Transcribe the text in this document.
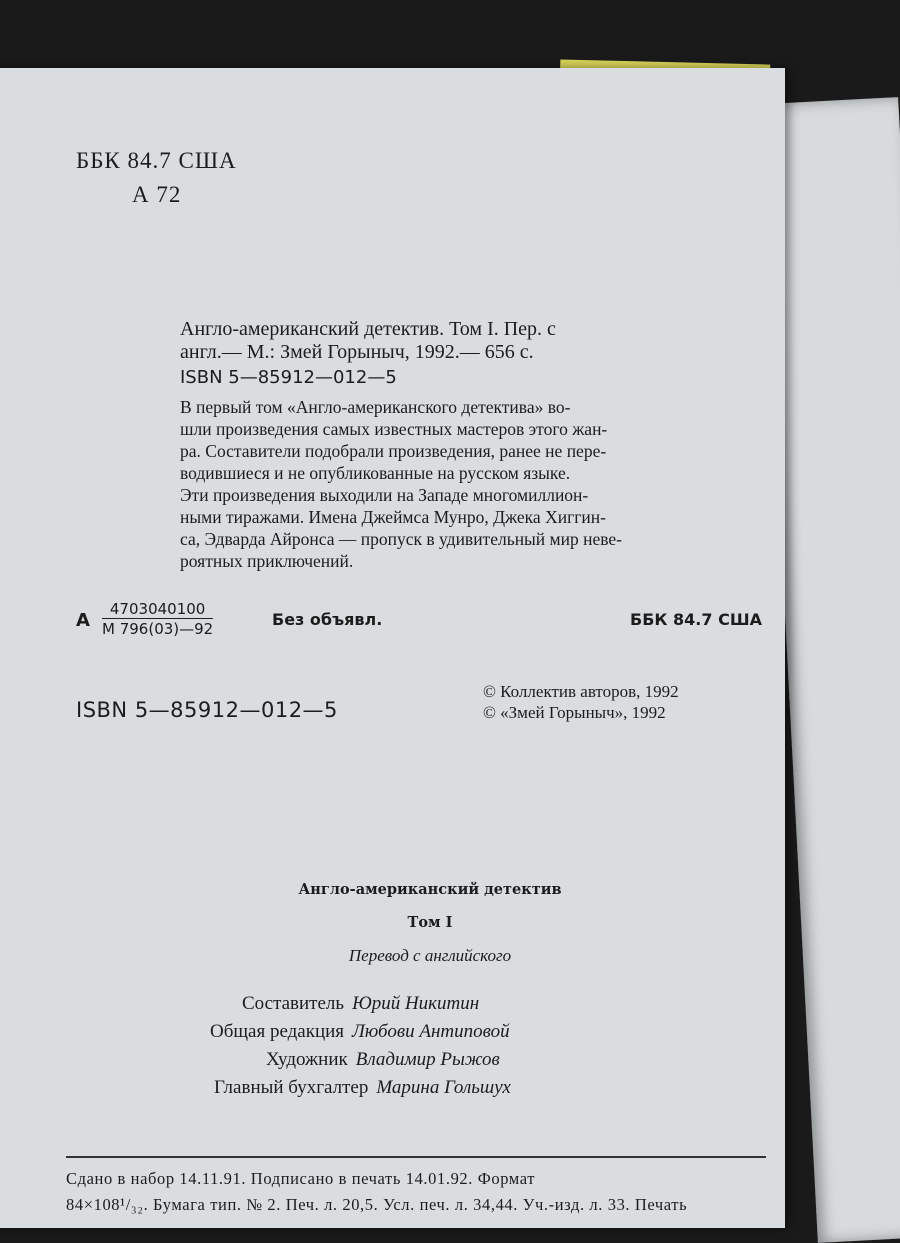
ББК 84.7 США
А 72
Англо-американский детектив. Том I. Пер. с
англ.— М.: Змей Горыныч, 1992.— 656 с.
ISBN 5—85912—012—5
В первый том «Англо-американского детектива» во-
шли произведения самых известных мастеров этого жан-
ра. Составители подобрали произведения, ранее не пере-
водившиеся и не опубликованные на русском языке.
Эти произведения выходили на Западе многомиллион-
ными тиражами. Имена Джеймса Мунро, Джека Хиггин-
са, Эдварда Айронса — пропуск в удивительный мир неве-
роятных приключений.
А
4703040100
М 796(03)—92	Без объявл.	ББК 84.7 США
ISBN 5—85912—012—5
© Коллектив авторов, 1992
© «Змей Горыныч», 1992
Англо-американский детектив
Том I
Перевод с английского
Составитель Юрий Никитин
Общая редакция Любови Антиповой
Художник Владимир Рыжов
Главный бухгалтер Марина Гольшух
Сдано в набор 14.11.91. Подписано в печать 14.01.92. Формат
84×108¹/₃₂. Бумага тип. № 2. Печ. л. 20,5. Усл. печ. л. 34,44. Уч.-изд. л. 33. Печать
